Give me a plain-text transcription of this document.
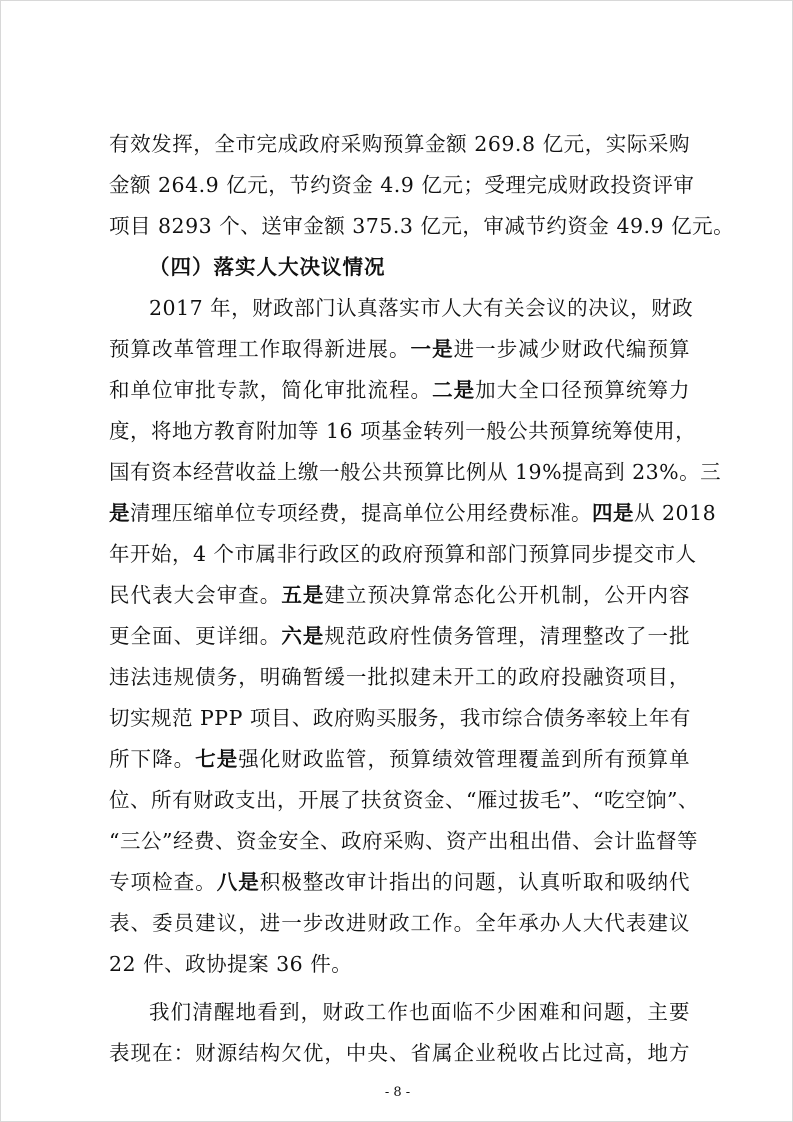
有效发挥，全市完成政府采购预算金额 269.8 亿元，实际采购
金额 264.9 亿元，节约资金 4.9 亿元；受理完成财政投资评审
项目 8293 个、送审金额 375.3 亿元，审减节约资金 49.9 亿元。
（四）落实人大决议情况
2017 年，财政部门认真落实市人大有关会议的决议，财政
预算改革管理工作取得新进展。一是进一步减少财政代编预算
和单位审批专款，简化审批流程。二是加大全口径预算统筹力
度，将地方教育附加等 16 项基金转列一般公共预算统筹使用，
国有资本经营收益上缴一般公共预算比例从 19%提高到 23%。三
是清理压缩单位专项经费，提高单位公用经费标准。四是从 2018
年开始，4 个市属非行政区的政府预算和部门预算同步提交市人
民代表大会审查。五是建立预决算常态化公开机制，公开内容
更全面、更详细。六是规范政府性债务管理，清理整改了一批
违法违规债务，明确暂缓一批拟建未开工的政府投融资项目，
切实规范 PPP 项目、政府购买服务，我市综合债务率较上年有
所下降。七是强化财政监管，预算绩效管理覆盖到所有预算单
位、所有财政支出，开展了扶贫资金、“雁过拔毛”、“吃空饷”、
“三公”经费、资金安全、政府采购、资产出租出借、会计监督等
专项检查。八是积极整改审计指出的问题，认真听取和吸纳代
表、委员建议，进一步改进财政工作。全年承办人大代表建议
22 件、政协提案 36 件。
我们清醒地看到，财政工作也面临不少困难和问题，主要
表现在：财源结构欠优，中央、省属企业税收占比过高，地方
- 8 -
